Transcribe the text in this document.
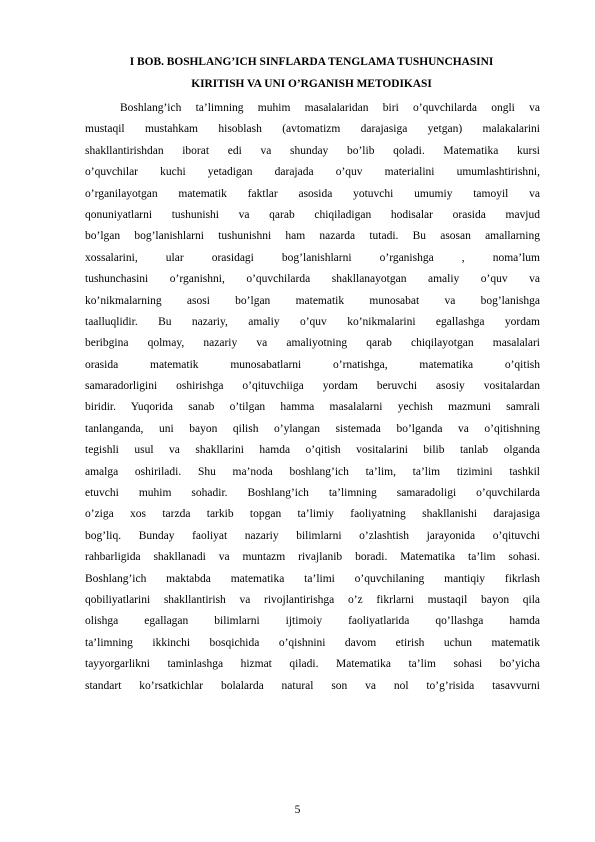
I BOB. BOSHLANG’ICH SINFLARDA TENGLAMA TUSHUNCHASINI
KIRITISH VA UNI O’RGANISH METODIKASI
Boshlang’ich ta’limning muhim masalalaridan biri o’quvchilarda ongli va
mustaqil mustahkam hisoblash (avtomatizm darajasiga yetgan) malakalarini
shakllantirishdan iborat edi va shunday bo’lib qoladi. Matematika kursi
o’quvchilar kuchi yetadigan darajada o’quv materialini umumlashtirishni,
o’rganilayotgan matematik faktlar asosida yotuvchi umumiy tamoyil va
qonuniyatlarni tushunishi va qarab chiqiladigan hodisalar orasida mavjud
bo’lgan bog’lanishlarni tushunishni ham nazarda tutadi. Bu asosan amallarning
xossalarini, ular orasidagi bog’lanishlarni o’rganishga , noma’lum
tushunchasini o’rganishni, o’quvchilarda shakllanayotgan amaliy o’quv va
ko’nikmalarning asosi bo’lgan matematik munosabat va bog’lanishga
taalluqlidir. Bu nazariy, amaliy o’quv ko’nikmalarini egallashga yordam
beribgina qolmay, nazariy va amaliyotning qarab chiqilayotgan masalalari
orasida matematik munosabatlarni o’rnatishga, matematika o’qitish
samaradorligini oshirishga o’qituvchiiga yordam beruvchi asosiy vositalardan
biridir. Yuqorida sanab o’tilgan hamma masalalarni yechish mazmuni samrali
tanlanganda, uni bayon qilish o’ylangan sistemada bo’lganda va o’qitishning
tegishli usul va shakllarini hamda o’qitish vositalarini bilib tanlab olganda
amalga oshiriladi. Shu ma’noda boshlang’ich ta’lim, ta’lim tizimini tashkil
etuvchi muhim sohadir. Boshlang’ich ta’limning samaradoligi o’quvchilarda
o’ziga xos tarzda tarkib topgan ta’limiy faoliyatning shakllanishi darajasiga
bog’liq. Bunday faoliyat nazariy bilimlarni o’zlashtish jarayonida o’qituvchi
rahbarligida shakllanadi va muntazm rivajlanib boradi. Matematika ta’lim sohasi.
Boshlang’ich maktabda matematika ta’limi o’quvchilaning mantiqiy fikrlash
qobiliyatlarini shakllantirish va rivojlantirishga o’z fikrlarni mustaqil bayon qila
olishga egallagan bilimlarni ijtimoiy faoliyatlarida qo’llashga hamda
ta’limning ikkinchi bosqichida o’qishnini davom etirish uchun matematik
tayyorgarlikni taminlashga hizmat qiladi. Matematika ta’lim sohasi bo’yicha
standart ko’rsatkichlar bolalarda natural son va nol to’g’risida tasavvurni
5
